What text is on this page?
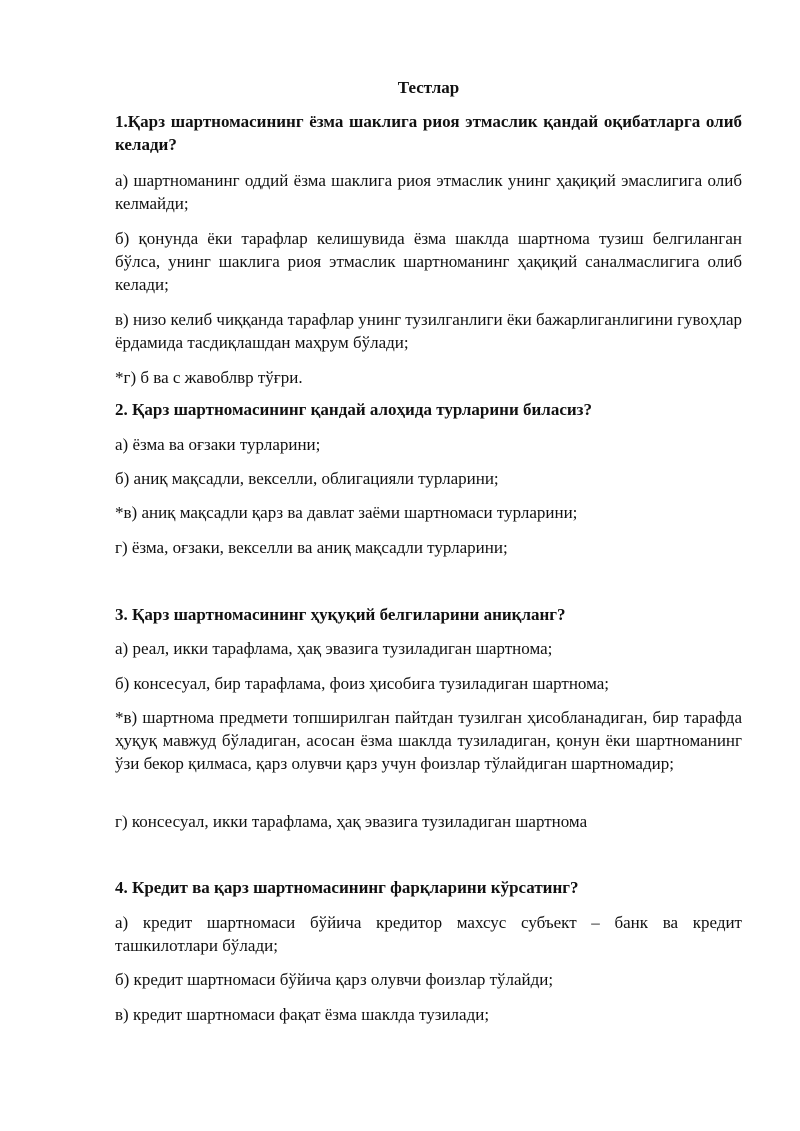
Тестлар

1.Қарз шартномасининг ёзма шаклига риоя этмаслик қандай оқибатларга олиб келади?

а) шартноманинг оддий ёзма шаклига риоя этмаслик унинг ҳақиқий эмаслигига олиб келмайди;

б) қонунда ёки тарафлар келишувида ёзма шаклда шартнома тузиш белгиланган бўлса, унинг шаклига риоя этмаслик шартноманинг ҳақиқий саналмаслигига олиб келади;

в) низо келиб чиққанда тарафлар унинг тузилганлиги ёки бажарлиганлигини гувоҳлар ёрдамида тасдиқлашдан маҳрум бўлади;

*г) б ва с жавоблвр тўғри.

2. Қарз шартномасининг қандай алоҳида турларини биласиз?

а) ёзма ва оғзаки турларини;

б) аниқ мақсадли, векселли, облигацияли турларини;

*в) аниқ мақсадли қарз ва давлат заёми шартномаси турларини;

г) ёзма, оғзаки, векселли ва аниқ мақсадли турларини;

3. Қарз шартномасининг ҳуқуқий белгиларини аниқланг?

а) реал, икки тарафлама, ҳақ эвазига тузиладиган шартнома;

б) консесуал, бир тарафлама, фоиз ҳисобига тузиладиган шартнома;

*в) шартнома предмети топширилган пайтдан тузилган ҳисобланадиган, бир тарафда ҳуқуқ мавжуд бўладиган, асосан ёзма шаклда тузиладиган, қонун ёки шартноманинг ўзи бекор қилмаса, қарз олувчи қарз учун фоизлар тўлайдиган шартномадир;

г) консесуал, икки тарафлама, ҳақ эвазига тузиладиган шартнома

4. Кредит ва қарз шартномасининг фарқларини кўрсатинг?

а) кредит шартномаси бўйича кредитор махсус субъект – банк ва кредит ташкилотлари бўлади;

б) кредит шартномаси бўйича қарз олувчи фоизлар тўлайди;

в) кредит шартномаси фақат ёзма шаклда тузилади;
